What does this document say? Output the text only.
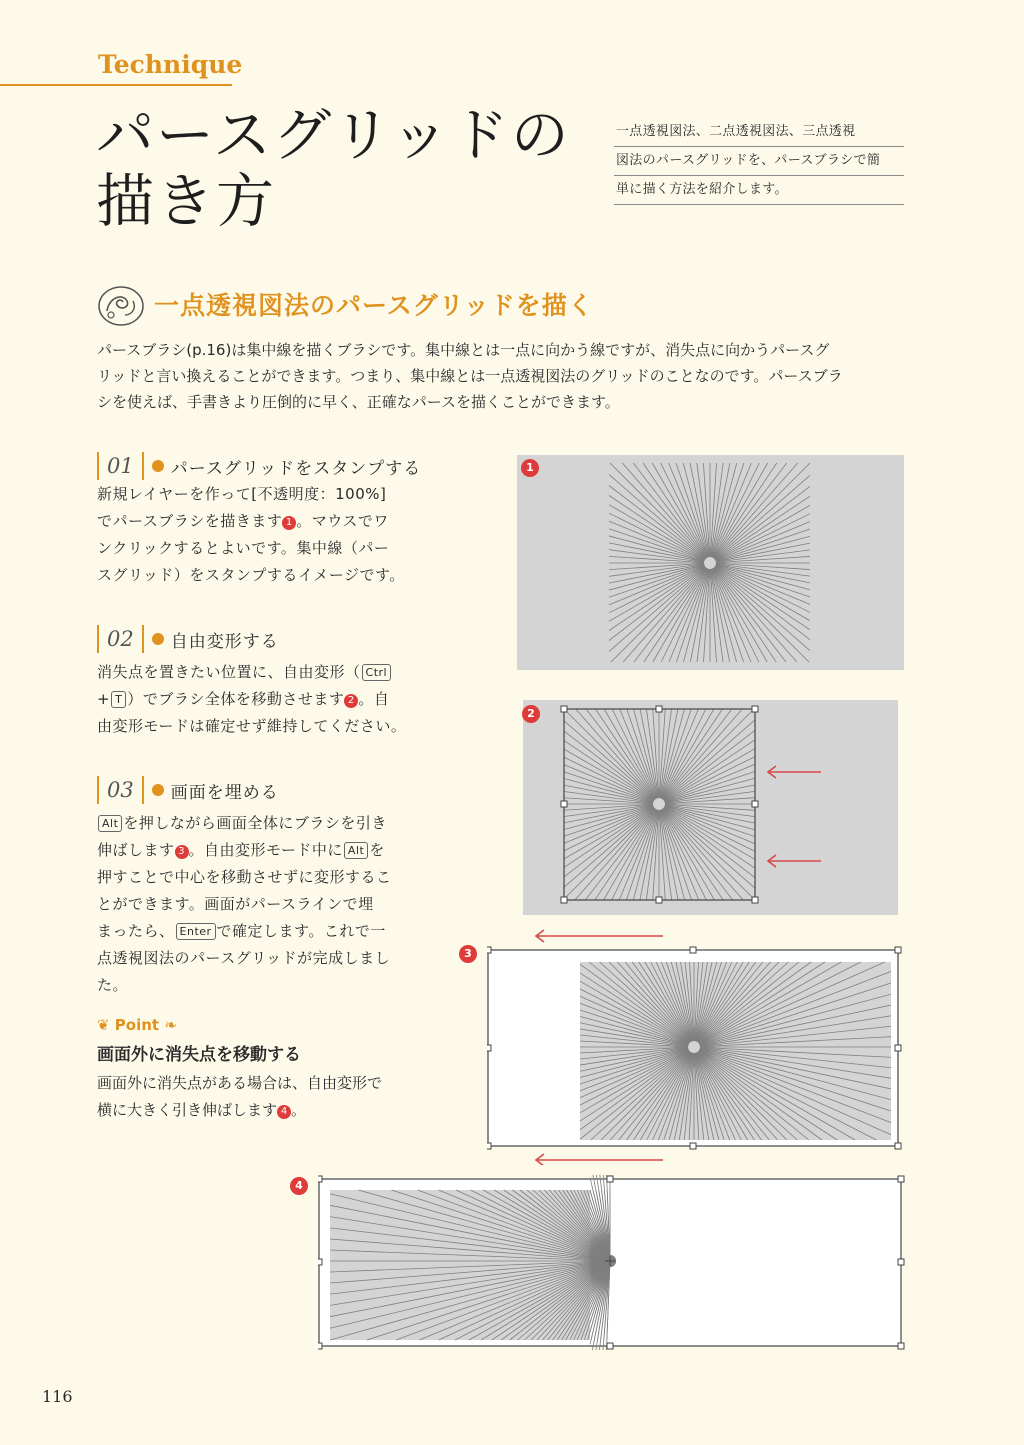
Technique
パースグリッドの
描き方
一点透視図法、二点透視図法、三点透視
図法のパースグリッドを、パースブラシで簡
単に描く方法を紹介します。
一点透視図法のパースグリッドを描く
パースブラシ(p.16)は集中線を描くブラシです。集中線とは一点に向かう線ですが、消失点に向かうパースグ
リッドと言い換えることができます。つまり、集中線とは一点透視図法のグリッドのことなのです。パースブラ
シを使えば、手書きより圧倒的に早く、正確なパースを描くことができます。
01 パースグリッドをスタンプする
新規レイヤーを作って[不透明度：100%]
でパースブラシを描きます 1 。マウスでワ
ンクリックするとよいです。集中線（パー
スグリッド）をスタンプするイメージです。
02 自由変形する
消失点を置きたい位置に、自由変形（ Ctrl
+ T ）でブラシ全体を移動させます 2 。自
由変形モードは確定せず維持してください。
03 画面を埋める
Alt を押しながら画面全体にブラシを引き
伸ばします 3 。自由変形モード中に Alt を
押すことで中心を移動させずに変形するこ
とができます。画面がパースラインで埋
まったら、 Enter で確定します。これで一
点透視図法のパースグリッドが完成しまし
た。
❦ Point ❧
画面外に消失点を移動する
画面外に消失点がある場合は、自由変形で
横に大きく引き伸ばします 4 。
1
2
3
4
116
